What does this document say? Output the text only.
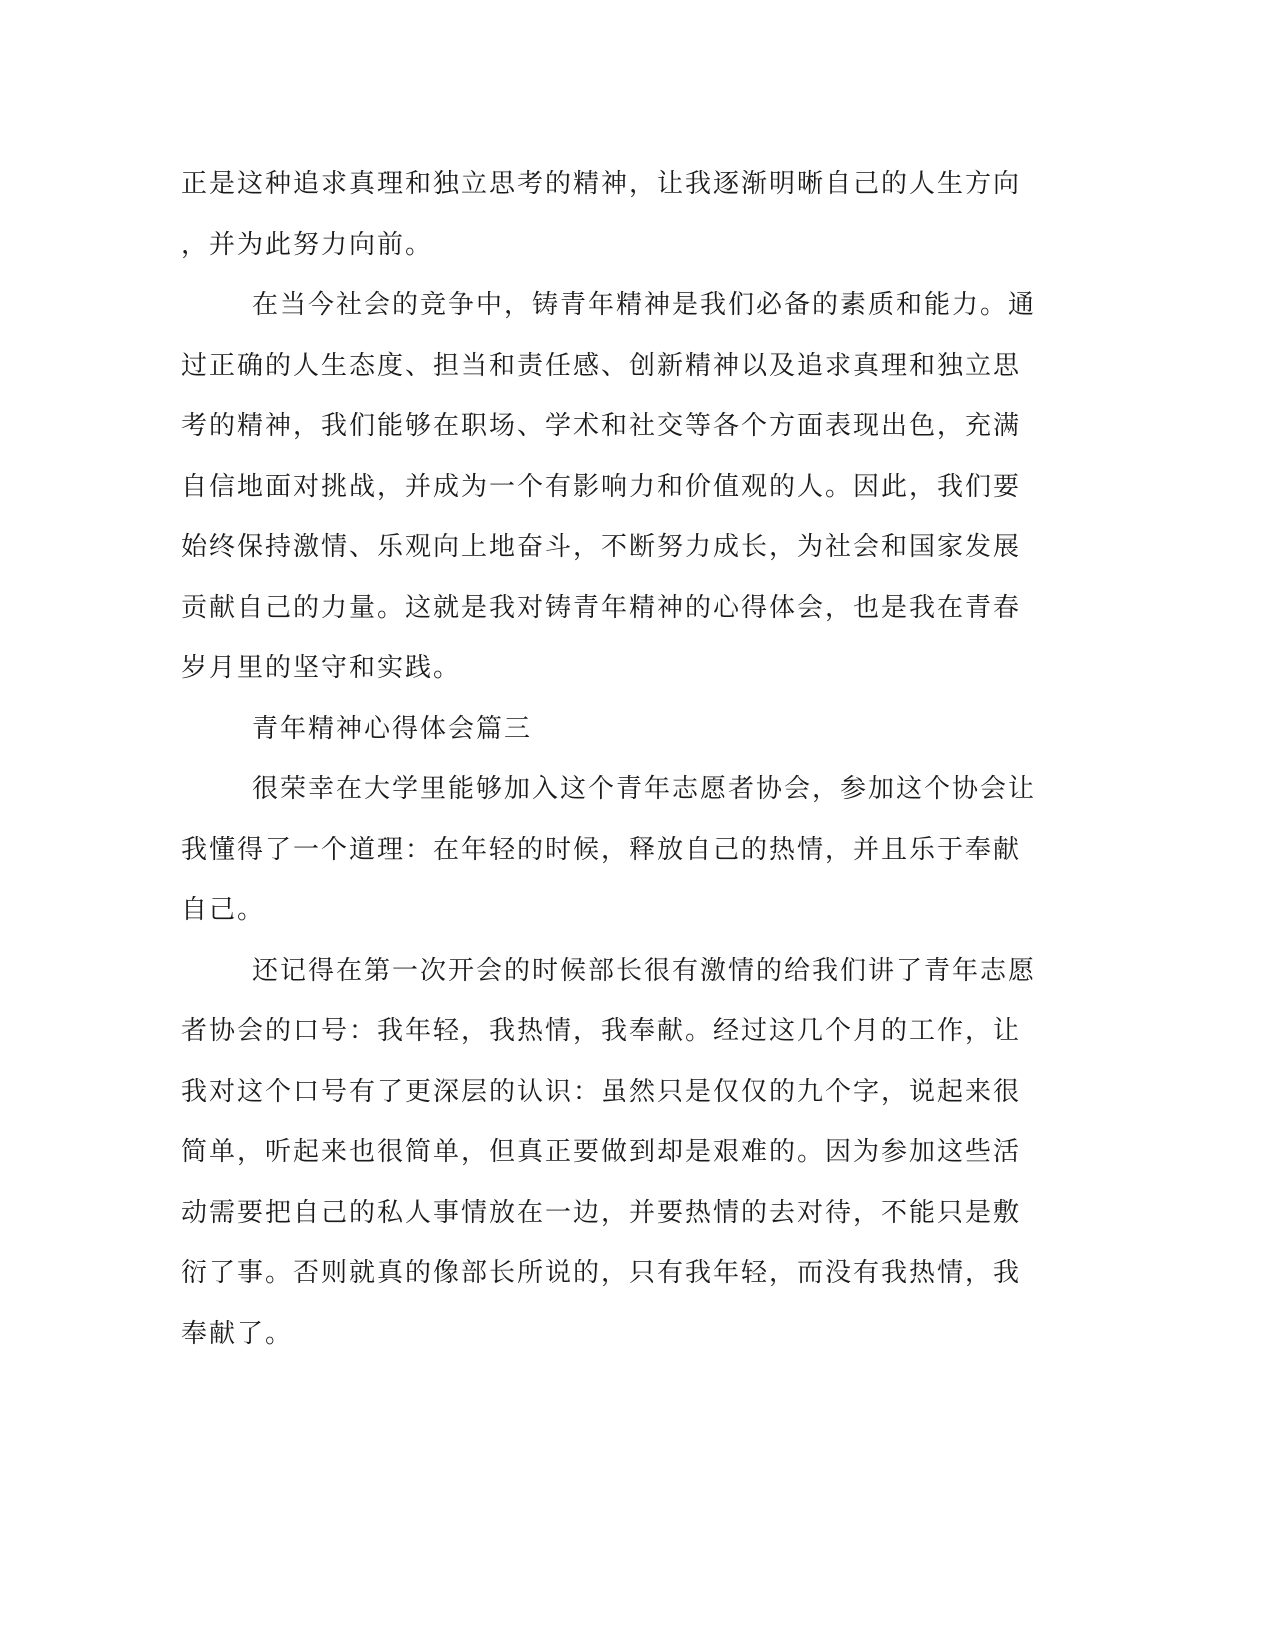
正是这种追求真理和独立思考的精神，让我逐渐明晰自己的人生方向
，并为此努力向前。
在当今社会的竞争中，铸青年精神是我们必备的素质和能力。通
过正确的人生态度、担当和责任感、创新精神以及追求真理和独立思
考的精神，我们能够在职场、学术和社交等各个方面表现出色，充满
自信地面对挑战，并成为一个有影响力和价值观的人。因此，我们要
始终保持激情、乐观向上地奋斗，不断努力成长，为社会和国家发展
贡献自己的力量。这就是我对铸青年精神的心得体会，也是我在青春
岁月里的坚守和实践。
青年精神心得体会篇三
很荣幸在大学里能够加入这个青年志愿者协会，参加这个协会让
我懂得了一个道理：在年轻的时候，释放自己的热情，并且乐于奉献
自己。
还记得在第一次开会的时候部长很有激情的给我们讲了青年志愿
者协会的口号：我年轻，我热情，我奉献。经过这几个月的工作，让
我对这个口号有了更深层的认识：虽然只是仅仅的九个字，说起来很
简单，听起来也很简单，但真正要做到却是艰难的。因为参加这些活
动需要把自己的私人事情放在一边，并要热情的去对待，不能只是敷
衍了事。否则就真的像部长所说的，只有我年轻，而没有我热情，我
奉献了。
